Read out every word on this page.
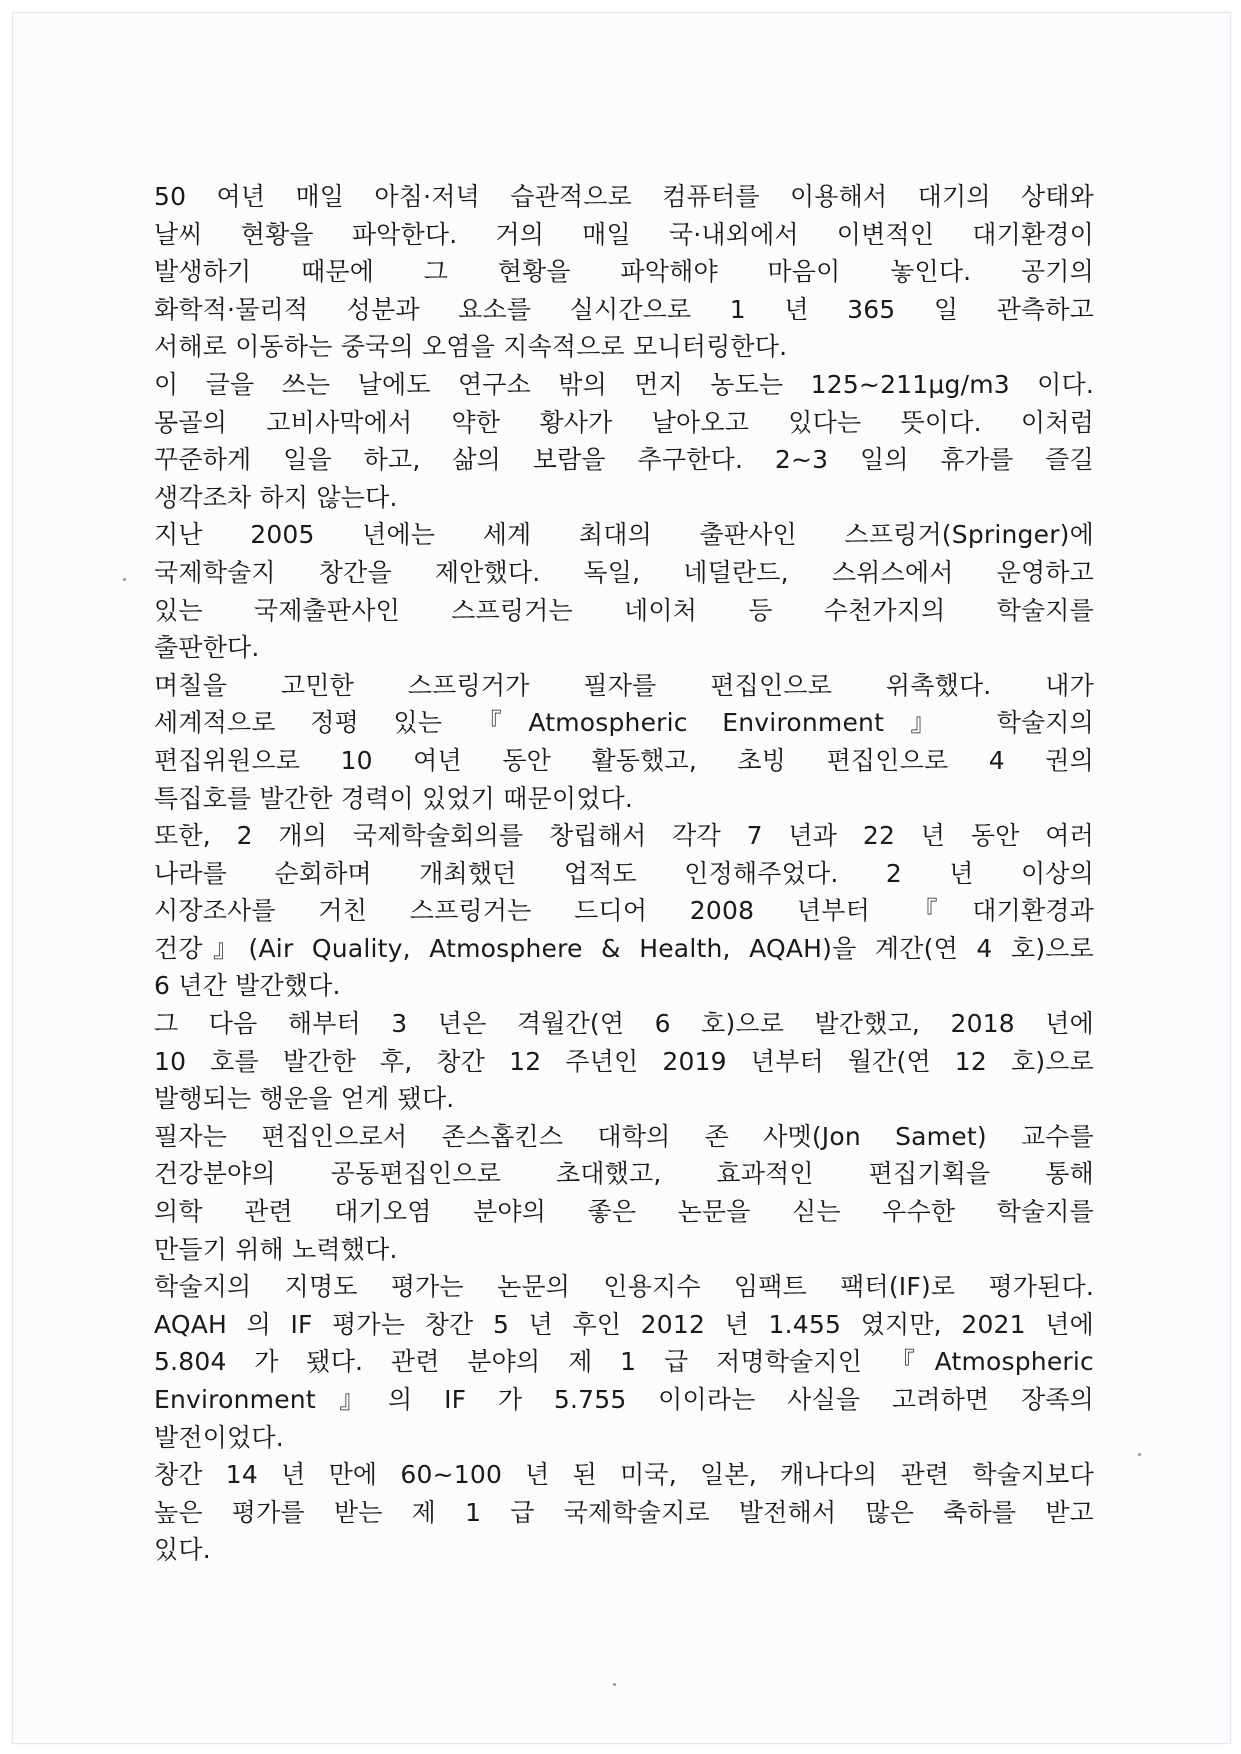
50 여년 매일 아침·저녁 습관적으로 컴퓨터를 이용해서 대기의 상태와
날씨 현황을 파악한다. 거의 매일 국·내외에서 이변적인 대기환경이
발생하기 때문에 그 현황을 파악해야 마음이 놓인다. 공기의
화학적·물리적 성분과 요소를 실시간으로 1 년 365 일 관측하고
서해로 이동하는 중국의 오염을 지속적으로 모니터링한다.
이 글을 쓰는 날에도 연구소 밖의 먼지 농도는 125~211μg/m3 이다.
몽골의 고비사막에서 약한 황사가 날아오고 있다는 뜻이다. 이처럼
꾸준하게 일을 하고, 삶의 보람을 추구한다. 2~3 일의 휴가를 즐길
생각조차 하지 않는다.
지난 2005 년에는 세계 최대의 출판사인 스프링거(Springer)에
국제학술지 창간을 제안했다. 독일, 네덜란드, 스위스에서 운영하고
있는 국제출판사인 스프링거는 네이처 등 수천가지의 학술지를
출판한다.
며칠을 고민한 스프링거가 필자를 편집인으로 위촉했다. 내가
세계적으로 정평 있는 『Atmospheric Environment』 학술지의
편집위원으로 10 여년 동안 활동했고, 초빙 편집인으로 4 권의
특집호를 발간한 경력이 있었기 때문이었다.
또한, 2 개의 국제학술회의를 창립해서 각각 7 년과 22 년 동안 여러
나라를 순회하며 개최했던 업적도 인정해주었다. 2 년 이상의
시장조사를 거친 스프링거는 드디어 2008 년부터 『대기환경과
건강』(Air Quality, Atmosphere & Health, AQAH)을 계간(연 4 호)으로
6 년간 발간했다.
그 다음 해부터 3 년은 격월간(연 6 호)으로 발간했고, 2018 년에
10 호를 발간한 후, 창간 12 주년인 2019 년부터 월간(연 12 호)으로
발행되는 행운을 얻게 됐다.
필자는 편집인으로서 존스홉킨스 대학의 존 사멧(Jon Samet) 교수를
건강분야의 공동편집인으로 초대했고, 효과적인 편집기획을 통해
의학 관련 대기오염 분야의 좋은 논문을 싣는 우수한 학술지를
만들기 위해 노력했다.
학술지의 지명도 평가는 논문의 인용지수 임팩트 팩터(IF)로 평가된다.
AQAH 의 IF 평가는 창간 5 년 후인 2012 년 1.455 였지만, 2021 년에
5.804 가 됐다. 관련 분야의 제 1 급 저명학술지인 『Atmospheric
Environment』의 IF 가 5.755 이이라는 사실을 고려하면 장족의
발전이었다.
창간 14 년 만에 60~100 년 된 미국, 일본, 캐나다의 관련 학술지보다
높은 평가를 받는 제 1 급 국제학술지로 발전해서 많은 축하를 받고
있다.
